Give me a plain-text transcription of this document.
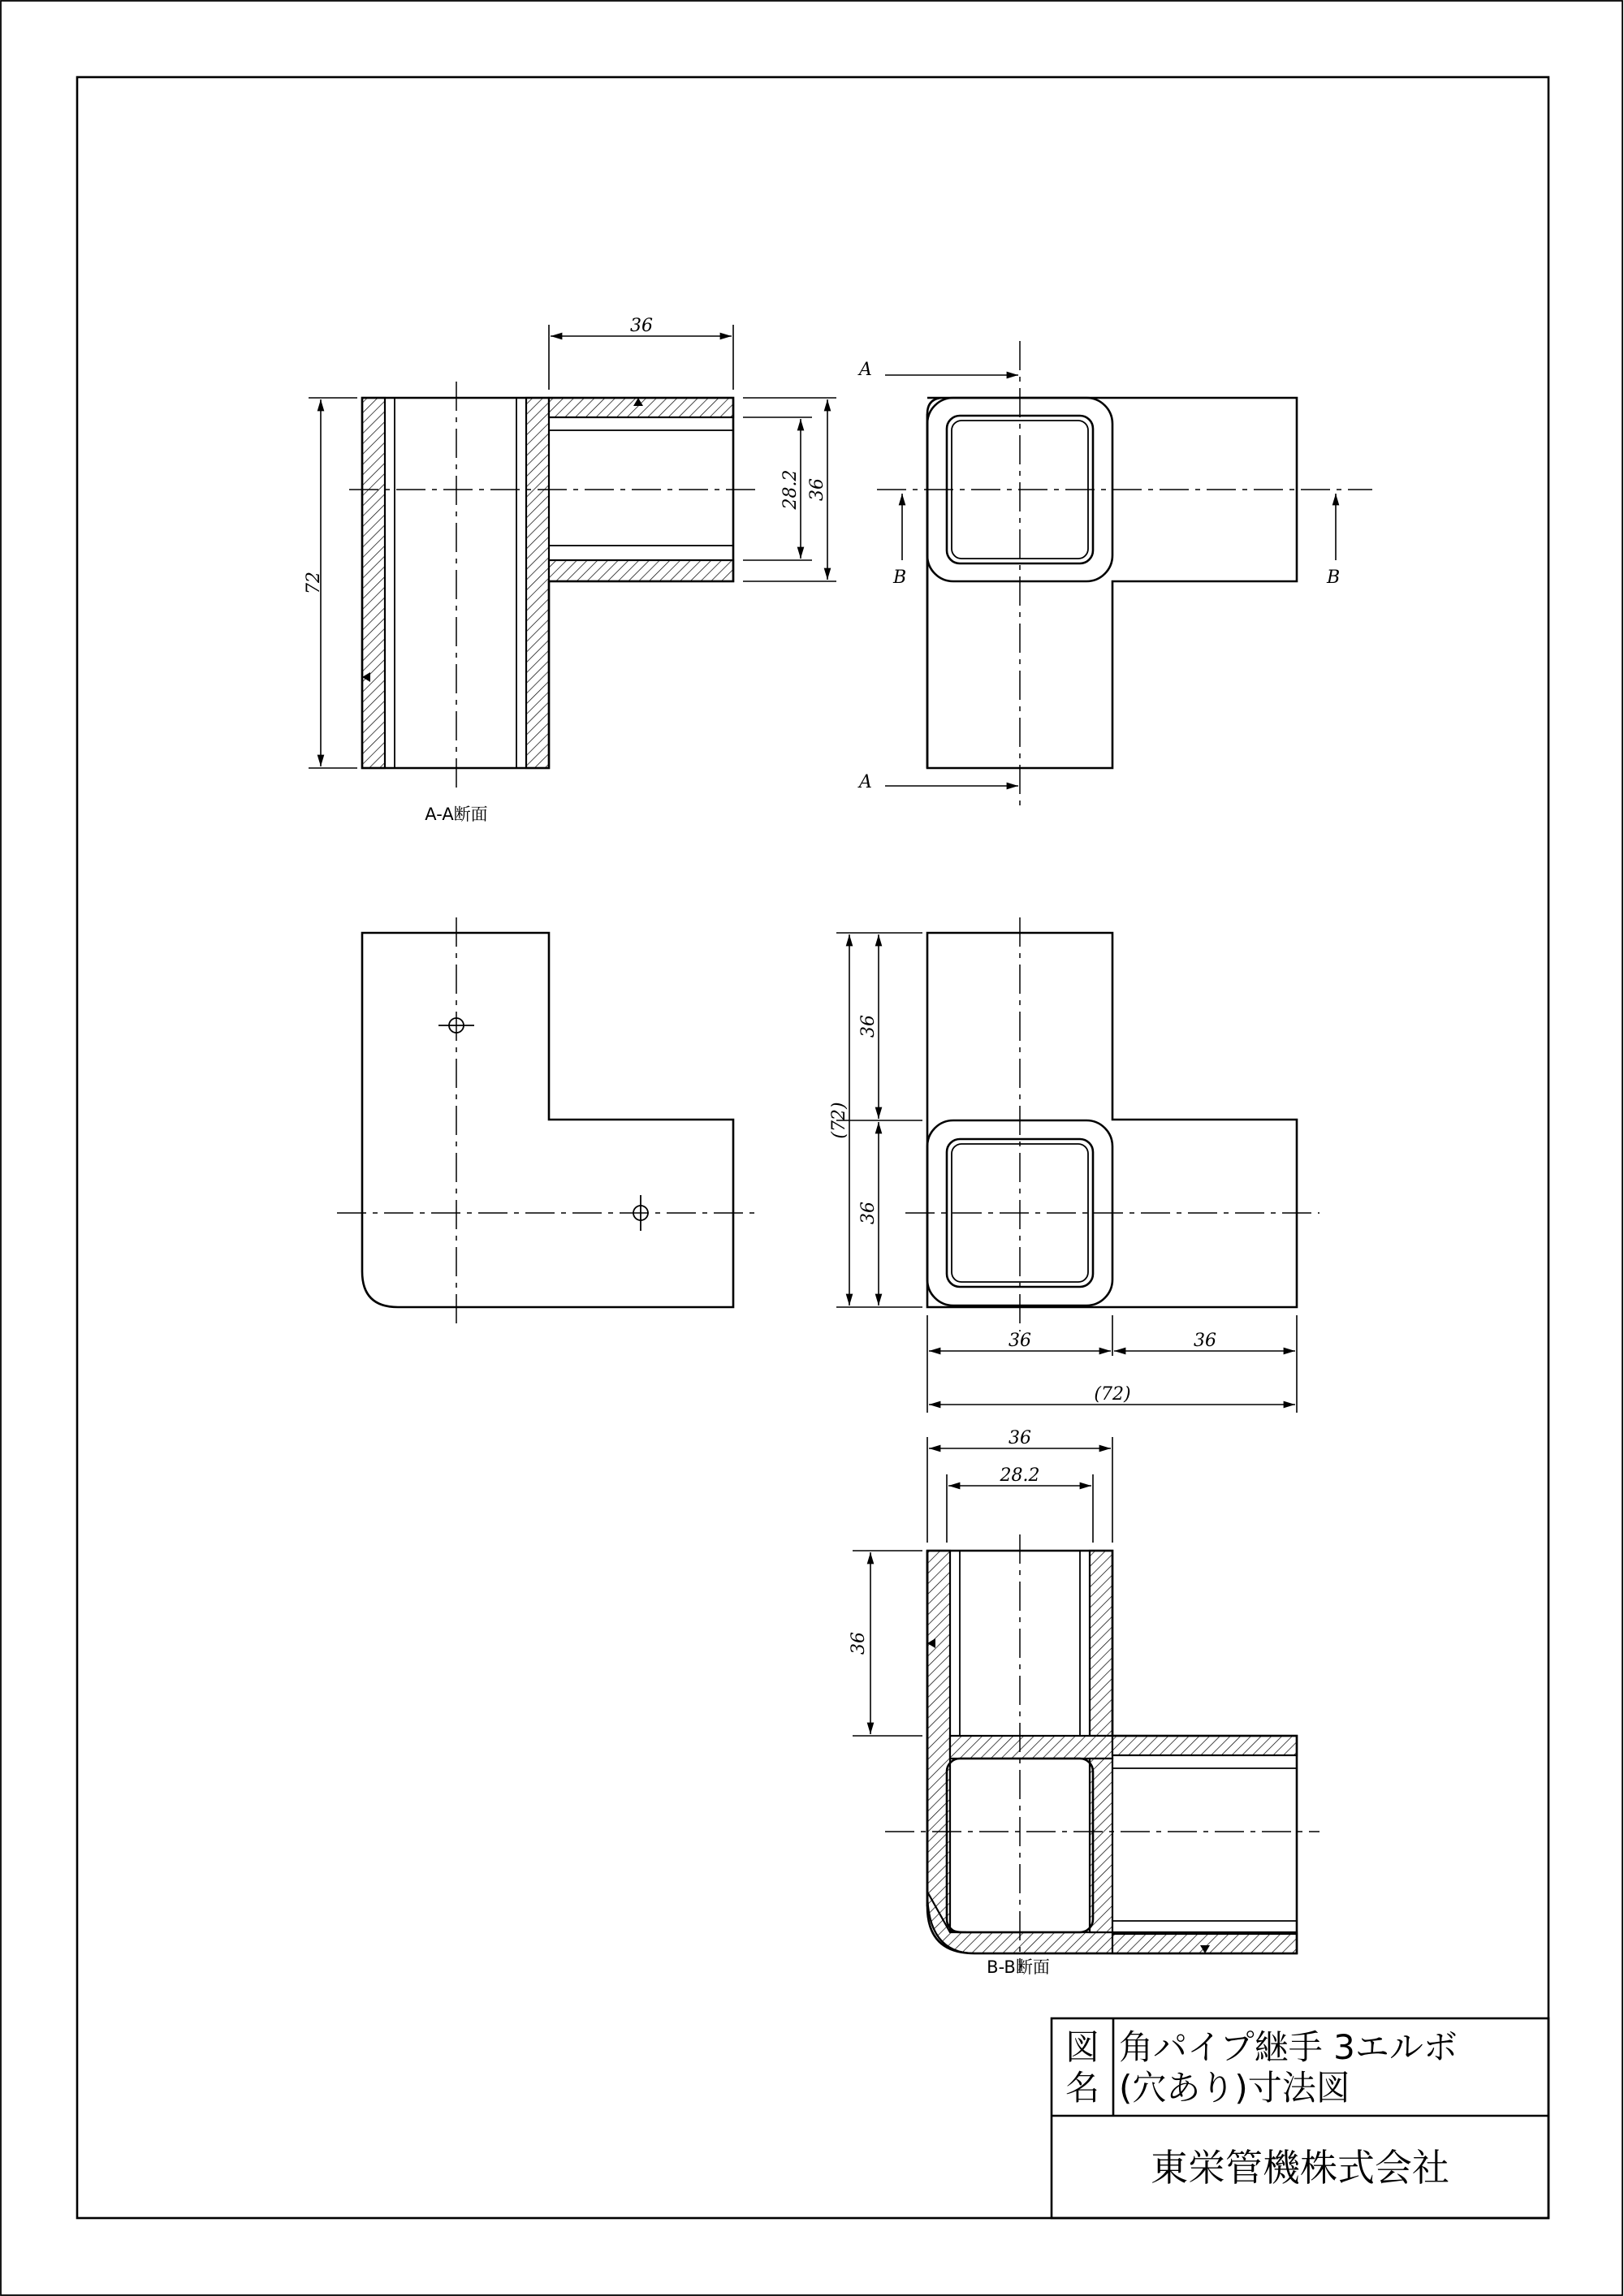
36
72
28.2 36
A-A断面
A
A
B	B
(72)
36
36
36	36
(72)
36
28.2
36
B-B断面
図
名
角パイプ継手 3エルボ
(穴あり)寸法図
東栄管機株式会社
